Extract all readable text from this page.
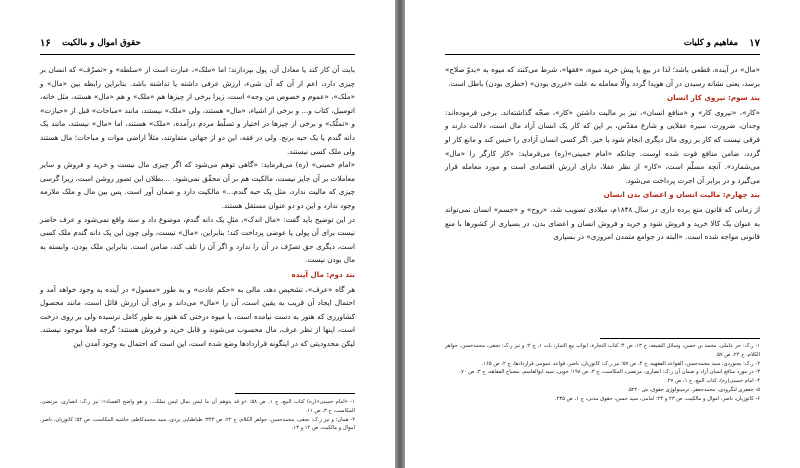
۱۶ حقوق اموال و مالکیت

بابت آن کار کند یا معادل آن، پول بپردازند؛ اما «ملک»، عبارت است از «سلطه» و «تصرّف» که انسان بر چیزی دارد، اعم از آن که آن شی‌ء، ارزش عرفی داشته یا نداشته باشد. بنابراین رابطه بین «مال» و «ملک»، «عموم و خصوص من وجه» است، زیرا برخی از چیزها هم «ملک» و هم «مال» هستند، مثل خانه، اتومبیل، کتاب و... و برخی از اشیاء، «مال» هستند، ولی «ملک» نیستند، مانند «مباحات» قبل از «حیازت» و «تملّک» و برخی از چیزها در اختیار و تسلّط مردم درآمده، «ملک» هستند، اما «مال» نیستند، مانند یک دانه گندم یا یک حبه برنج. ولی در فقه، این دو از جهاتی متفاوتند، مثلاً اراضی موات و مباحات؛ مال هستند ولی ملک کسی نیستند.

«امام خمینی» (ره) می‌فرماید: «گاهی توهم می‌شود که اگر چیزی مال نیست و خرید و فروش و سایر معاملات بر آن جایز نیست، مالکیت هم بر آن محقّق نمی‌شود. ...بطلان این تصور روشن است، زیرا گرسی چیزی که مالیت ندارد، مثل یک حبه گندم...» مالکیت دارد و ضمان آور است. پس بین مال و ملک ملازمه وجود ندارد و این دو دو عنوان مستقل هستند.

در این توضیح باید گفت: «مال اندک»، مثلِ یک دانه گندم، موضوع داد و ستد واقع نمی‌شود و عرف حاضر نیست برای آن پولی یا عوضی پرداخت کند؛ بنابراین، «مال» نیست، ولی چون این یک دانه گندم ملک کسی است، دیگری حق تصرّف در آن را ندارد و اگر آن را تلف کند، ضامن است. بنابراین ملک بودن، وابسته به مال بودن نیست.

بند دوم: مال آینده

هر گاه «عرف»، تشخیص دهد، مالی به «حکم عادت» و به طور «معمول» در آینده به وجود خواهد آمد و احتمال ایجاد آن قریب به یقین است، آن را «مال» می‌داند و برای آن ارزش قائل است، مانند محصول کشاورزی که هنوز به دست نیامده است، یا میوه درختی که هنوز به طور کامل نرسیده ولی بر روی درخت است، اینها از نظر عرف، مال محسوب می‌شوند و قابل خرید و فروش هستند؛ گرچه فعلاً موجود نیستند. لیکن محدودیتی که در اینگونه قراردادها وضع شده است، این است که احتمال به وجود آمدن این

۱- «امام خمینی»(ره) کتاب البیع، ج ۱، ص ۵۸: «و قد یتوهم أن ما لیس بمال لیس بملک... و هو واضح الفساد»؛ نیز ر.ک: انصاری، مرتضی، المکاسب، ج ۳، ص ۱۱.

۲- همان؛ و نیز ر.ک: نجفی، محمدحسن، جواهر الکلام، ج ۲۲، ص ۳۴۴؛ طباطبایی یزدی، سید محمدکاظم، حاشیه المکاسب، ص ۵۴؛ کاتوزیان، ناصر، اموال و مالکیت، ص ۱۲ و ۱۳.

۱۷
مفاهیم و کلیات

«مال» در آینده، قطعی باشد؛ لذا در بیع یا پیش خرید میوه، «فقها»، شرط می‌کنند که میوه به «بدوّ صلاح» برسد، یعنی نشانه رسیدن در آن هویدا گردد والّا معامله به علت «غرری بودن» (خطری بودن) باطل است.

بند سوم: نیروی کار انسان

«کار»، «نیروی کار» و «منافع انسان»، نیز بر مالیت داشتن «کار»، صحّه گذاشته‌اند. برخی فرموده‌اند: وجدان، ضرورت، سیره عقلایی و شارع مقدّس، بر این که کار یک انسان آزاد مال است، دلالت دارند و فرقی نیست که کار بر روی مال دیگری انجام شود یا خیر. اگر کسی انسان آزادی را حبس کند و مانع کار او گردد، ضامن منافع فوت شده اوست. چنانکه «امام خمینی»(ره) می‌فرماید: «کار کارگر را «مال» می‌شمارد». آنچه مسلّم است، «کار» از نظر عقلا، دارای ارزش اقتصادی است و مورد معامله قرار می‌گیرد و در برابر آن اجرت پرداخت می‌شود.

بند چهارم: مالیت انسان و اعضای بدن انسان

از زمانی که قانون منع برده داری در سال ۱۸۴۸م، میلادی تصویب شد، «روح» و «جسم» انسان نمی‌تواند به عنوان یک کالا خرید و فروش شود و خرید و فروش انسان و اعضای بدن، در بسیاری از کشورها با منع قانونی مواجه شده است. «البته در جوامع متمدن امروزی» در بسیاری

۱- ر.ک: حر عاملی، محمد بن حسن، وسائل الشیعه، ج ۱۳، ص ۴؛ کتاب التجارة، ابواب بیع الثمار، باب ۱، ح ۲؛ و نیز ر.ک: نجفی، محمدحسن، جواهر الکلام، ج ۲۴، ص ۵۷.

۲- ر.ک: بجنوردی، سید محمدحسن، القواعد الفقهیه، ج ۴، ص ۵۷؛ نیز ر.ک: کاتوزیان، ناصر، قواعد عمومی قراردادها، ج ۲، ص ۱۶۵.

۳- در مورد منافع انسان آزاد و ضمان آن ر.ک: انصاری، مرتضی، المکاسب، ج ۳، ص ۱۹۸؛ خویی، سید ابوالقاسم، مصباح الفقاهه، ج ۳، ص ۷۰.

۴- امام خمینی(ره)، کتاب البیع، ج ۱، ص ۲۷.

۵- جعفری لنگرودی، محمدجعفر، ترمینولوژی حقوق، ش ۵۲۲۰.

۶- کاتوزیان، ناصر، اموال و مالکیت، ص ۲۳ و ۲۴؛ امامی، سید حسن، حقوق مدنی، ج ۱، ص ۲۳۵.
